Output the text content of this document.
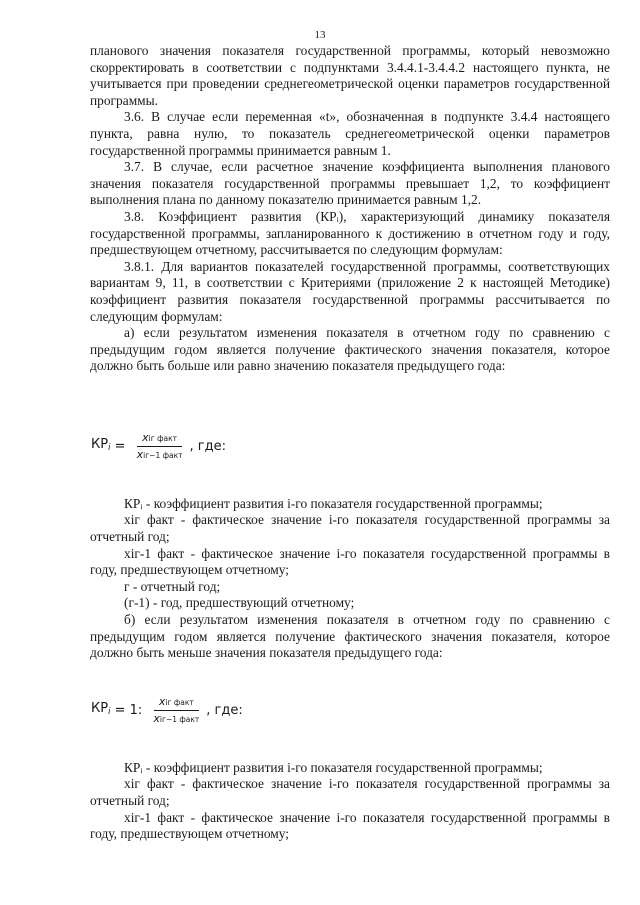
13

планового значения показателя государственной программы, который невозможно скорректировать в соответствии с подпунктами 3.4.4.1-3.4.4.2 настоящего пункта, не учитывается при проведении среднегеометрической оценки параметров государственной программы.

3.6. В случае если переменная «t», обозначенная в подпункте 3.4.4 настоящего пункта, равна нулю, то показатель среднегеометрической оценки параметров государственной программы принимается равным 1.

3.7. В случае, если расчетное значение коэффициента выполнения планового значения показателя государственной программы превышает 1,2, то коэффициент выполнения плана по данному показателю принимается равным 1,2.

3.8. Коэффициент развития (КРᵢ), характеризующий динамику показателя государственной программы, запланированного к достижению в отчетном году и году, предшествующем отчетному, рассчитывается по следующим формулам:

3.8.1. Для вариантов показателей государственной программы, соответствующих вариантам 9, 11, в соответствии с Критериями (приложение 2 к настоящей Методике) коэффициент развития показателя государственной программы рассчитывается по следующим формулам:

а) если результатом изменения показателя в отчетном году по сравнению с предыдущим годом является получение фактического значения показателя, которое должно быть больше или равно значению показателя предыдущего года:

$КР_i = \frac{\text{xiг факт}}{\text{xiг−1 факт}}$ , где:

КРᵢ - коэффициент развития i-го показателя государственной программы;

xiг факт - фактическое значение i-го показателя государственной программы за отчетный год;

xiг-1 факт - фактическое значение i-го показателя государственной программы в году, предшествующем отчетному;

г - отчетный год;

(г-1) - год, предшествующий отчетному;

б) если результатом изменения показателя в отчетном году по сравнению с предыдущим годом является получение фактического значения показателя, которое должно быть меньше значения показателя предыдущего года:

$КР_i = 1$: $\frac{\text{xiг факт}}{\text{xiг−1 факт}}$ , где:

КРᵢ - коэффициент развития i-го показателя государственной программы;

xiг факт - фактическое значение i-го показателя государственной программы за отчетный год;

xiг-1 факт - фактическое значение i-го показателя государственной программы в году, предшествующем отчетному;
